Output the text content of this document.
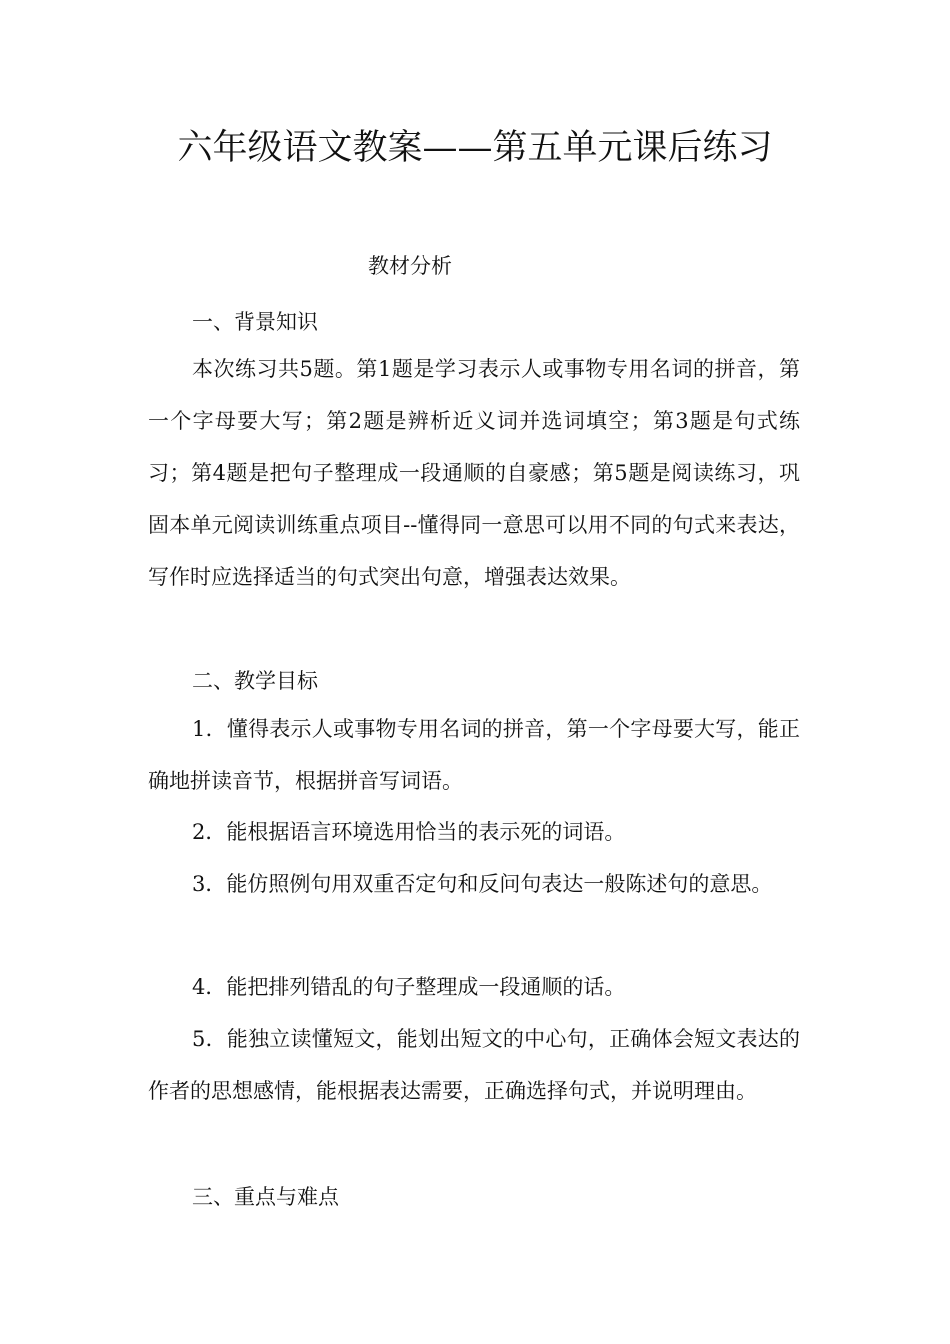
六年级语文教案——第五单元课后练习
教材分析
一、背景知识
本次练习共5题。第1题是学习表示人或事物专用名词的拼音，第一个字母要大写；第2题是辨析近义词并选词填空；第3题是句式练习；第4题是把句子整理成一段通顺的自豪感；第5题是阅读练习，巩固本单元阅读训练重点项目--懂得同一意思可以用不同的句式来表达，写作时应选择适当的句式突出句意，增强表达效果。
二、教学目标
1．懂得表示人或事物专用名词的拼音，第一个字母要大写，能正确地拼读音节，根据拼音写词语。
2．能根据语言环境选用恰当的表示死的词语。
3．能仿照例句用双重否定句和反问句表达一般陈述句的意思。
4．能把排列错乱的句子整理成一段通顺的话。
5．能独立读懂短文，能划出短文的中心句，正确体会短文表达的作者的思想感情，能根据表达需要，正确选择句式，并说明理由。
三、重点与难点
